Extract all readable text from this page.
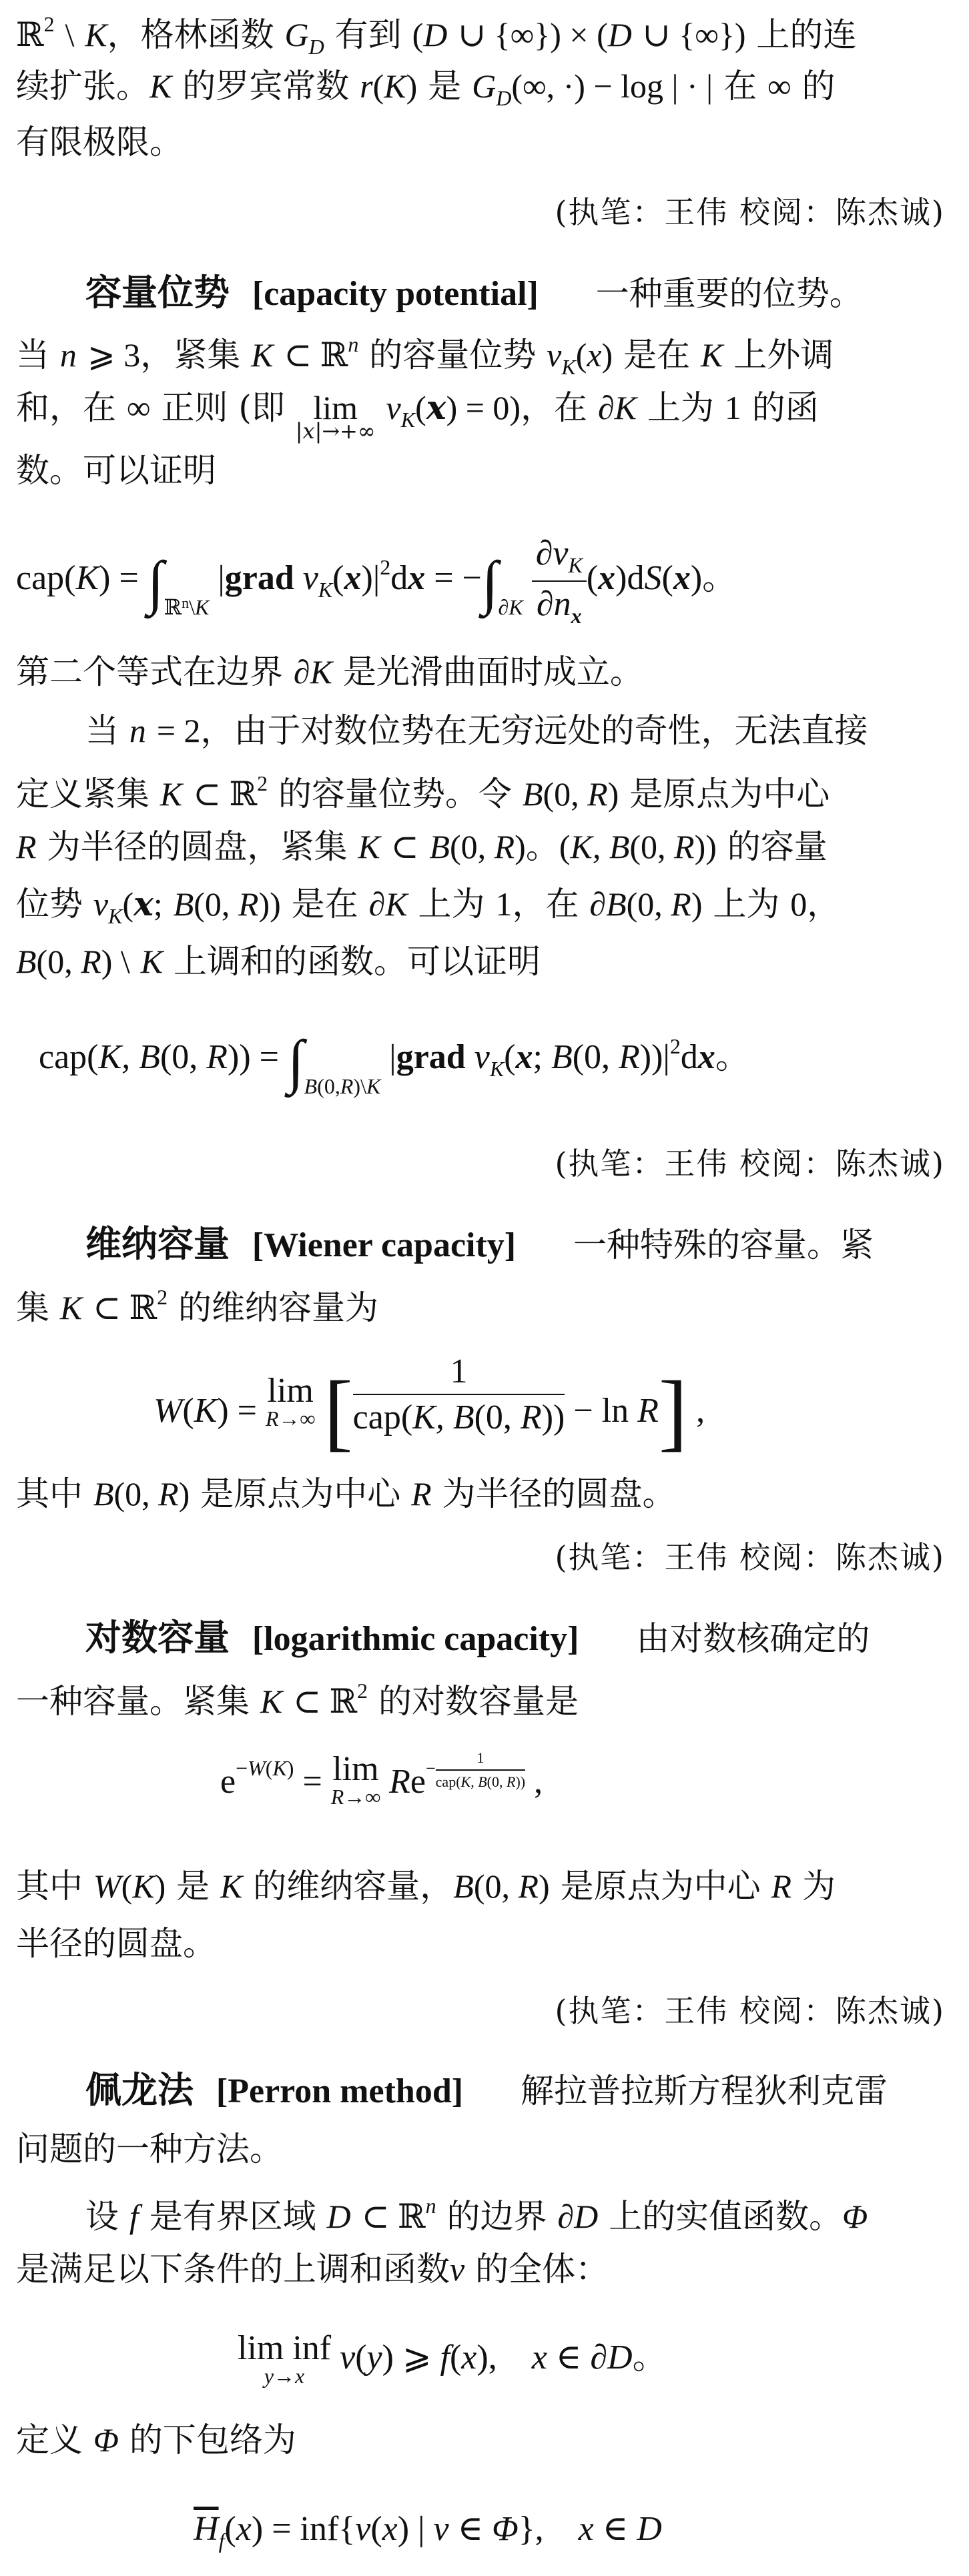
ℝ$^2$ \ K，格林函数 $G_D$ 有到 (D ∪ {∞}) × (D ∪ {∞}) 上的连
续扩张。K 的罗宾常数 r(K) 是 $G_D(\infty$, ·) − log | · | 在 ∞ 的
有限极限。
(执笔：王伟 校阅：陈杰诚)
容量位势 [capacity potential] 一种重要的位势。
当 n ⩾ 3，紧集 K ⊂ ℝ$^n$ 的容量位势 $\nu_K(x)$ 是在 K 上外调
和，在 ∞ 正则 (即 lim
|x|→+∞
$\nu_K(x) = 0$)，在 ∂K 上为 1 的函
数。可以证明
$cap(K) = \int_{ℝ^n\backslash K}$ |grad $\nu_K(x)|^2dx = -\int_{\partial K} \frac{\partial\nu_K}{\partial n_x} (x)dS(x)$。
第二个等式在边界 ∂K 是光滑曲面时成立。
当 n = 2，由于对数位势在无穷远处的奇性，无法直接
定义紧集 K ⊂ ℝ$^2$ 的容量位势。令 B(0, R) 是原点为中心
R 为半径的圆盘，紧集 K ⊂ B(0, R)。(K, B(0, R)) 的容量
位势 $\nu_K(x$; B(0, R)) 是在 ∂K 上为 1，在 ∂B(0, R) 上为 0，
B(0, R) \ K 上调和的函数。可以证明
cap(K, B(0, $R)) = \int_{B(0,R)\backslash K}$ |grad $\nu_K(x$; B(0, $R))|^2dx$。
(执笔：王伟 校阅：陈杰诚)
维纳容量 [Wiener capacity] 一种特殊的容量。紧
集 K ⊂ ℝ$^2$ 的维纳容量为
W(K) = lim
R→∞ [ $\frac{1}{\text{cap(K, B(0, R))}} - \ln R$] ,
其中 B(0, R) 是原点为中心 R 为半径的圆盘。
(执笔：王伟 校阅：陈杰诚)
对数容量 [logarithmic capacity] 由对数核确定的
一种容量。紧集 K ⊂ ℝ$^2$ 的对数容量是
$e^{-W(K)} = \lim$
R→∞ $Re^{- \frac{1}{\text{cap(K, B(0, R))}}}$ ,
其中 W(K) 是 K 的维纳容量，B(0, R) 是原点为中心 R 为
半径的圆盘。
(执笔：王伟 校阅：陈杰诚)
佩龙法 [Perron method] 解拉普拉斯方程狄利克雷
问题的一种方法。
设 f 是有界区域 D ⊂ ℝ$^n$ 的边界 ∂D 上的实值函数。Φ
是满足以下条件的上调和函数v 的全体：
lim inf
y→x	v(y) ⩾ f(x), x ∈ ∂D。
定义 Φ 的下包络为
$\overline{H}_f(x) = inf\{v(x)$ | v ∈ Φ}, x ∈ D
